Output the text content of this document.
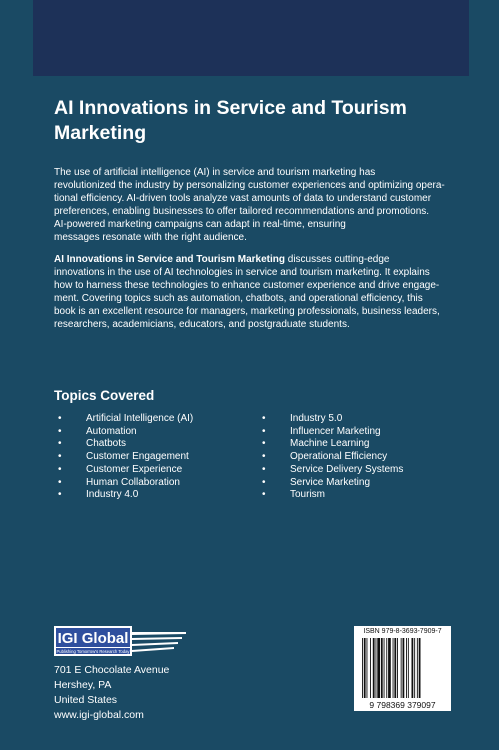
AI Innovations in Service and Tourism Marketing

The use of artificial intelligence (AI) in service and tourism marketing has
revolutionized the industry by personalizing customer experiences and optimizing opera-
tional efficiency. AI-driven tools analyze vast amounts of data to understand customer
preferences, enabling businesses to offer tailored recommendations and promotions.
AI-powered marketing campaigns can adapt in real-time, ensuring
messages resonate with the right audience.

AI Innovations in Service and Tourism Marketing discusses cutting-edge
innovations in the use of AI technologies in service and tourism marketing. It explains
how to harness these technologies to enhance customer experience and drive engage-
ment. Covering topics such as automation, chatbots, and operational efficiency, this
book is an excellent resource for managers, marketing professionals, business leaders,
researchers, academicians, educators, and postgraduate students.

Topics Covered
• Artificial Intelligence (AI)
• Automation
• Chatbots
• Customer Engagement
• Customer Experience
• Human Collaboration
• Industry 4.0
• Industry 5.0
• Influencer Marketing
• Machine Learning
• Operational Efficiency
• Service Delivery Systems
• Service Marketing
• Tourism
IGI Global
Publishing Tomorrow's Research Today

701 E Chocolate Avenue
Hershey, PA
United States
www.igi-global.com

ISBN 979-8-3693-7909-7
9 798369 379097
